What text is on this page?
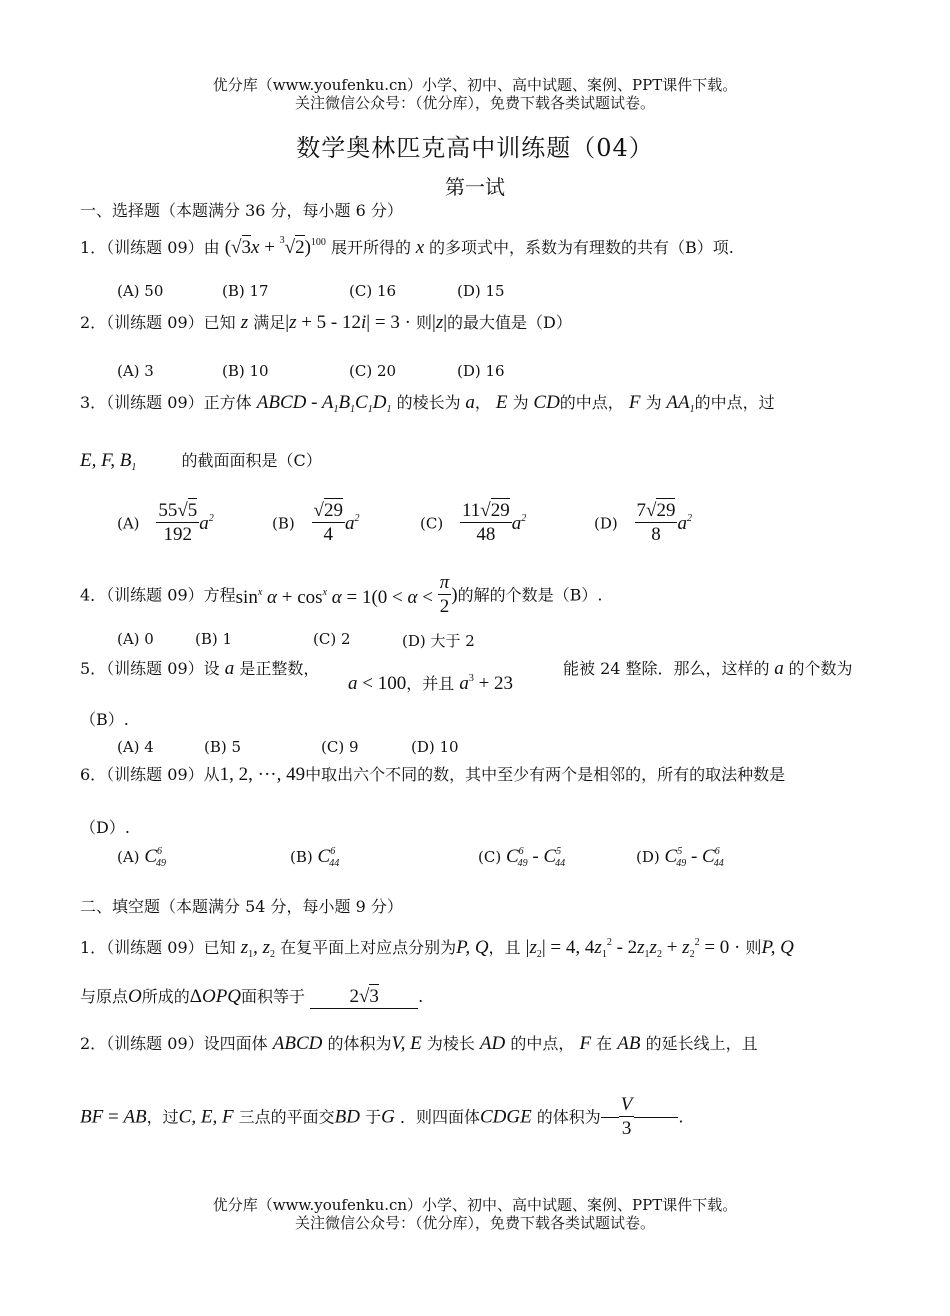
优分库（www.youfenku.cn）小学、初中、高中试题、案例、PPT课件下载。
关注微信公众号：（优分库），免费下载各类试题试卷。
数学奥林匹克高中训练题（04）
第一试
一、选择题（本题满分 36 分，每小题 6 分）
1．（训练题 09）由 $(√3x + ^3√2)^{100}$ 展开所得的 x 的多项式中，系数为有理数的共有（B）项.
(A) 50	(B) 17	(C) 16	(D) 15
2．（训练题 09）已知 z 满足|z + 5 - 12i| = 3 · 则|z|的最大值是（D）
(A) 3	(B) 10	(C) 20	(D) 16
3．（训练题 09）正方体 ABCD - $A_1B_1C_1D_1$ 的棱长为 a， E 为 CD的中点， F 为 $AA_1$的中点，过
E, F, $B_1$	的截面面积是（C）
$(A) \frac{55√5}{192} a^2$	$(B) \frac{√29}{4} a^2$	$(C) \frac{11√29}{48} a^2$	$(D) \frac{7√29}{8} a^2$
4．（训练题 09）方程$\sin^x \alpha + \cos^x \alpha = 1(0 < \alpha < \frac{\pi}{2}$ )的解的个数是（B）.
(A) 0	(B) 1	(C) 2	(D) 大于 2
5．（训练题 09）设 a 是正整数，
a < 100，并且 $a^3 + 23$
能被 24 整除．那么，这样的 a 的个数为
（B）.
(A) 4	(B) 5	(C) 9	(D) 10
6．（训练题 09）从1, 2, ···, 49中取出六个不同的数，其中至少有两个是相邻的，所有的取法种数是
（D）.
(A) $C^6_{49}$	(B) $C^6_{44}$	(C) $C^6_{49} - C^5_{44}$	(D) $C^5_{49} - C^6_{44}$
二、填空题（本题满分 54 分，每小题 9 分）
1．（训练题 09）已知 $z_1$, $z_2$ 在复平面上对应点分别为P, Q，且 $|z_2| = 4$, $4z_1^2 - 2z_1z_2 + z_2^2 = 0$ · 则P, Q
与原点O所成的ΔOPQ面积等于 2√3 .
2．（训练题 09）设四面体 ABCD 的体积为V, E 为棱长 AD 的中点， F 在 AB 的延长线上，且
BF = AB，过C, E, F 三点的平面交BD 于G ．则四面体CDGE 的体积为 $\frac{V}{3}$	.
优分库（www.youfenku.cn）小学、初中、高中试题、案例、PPT课件下载。
关注微信公众号：（优分库），免费下载各类试题试卷。
